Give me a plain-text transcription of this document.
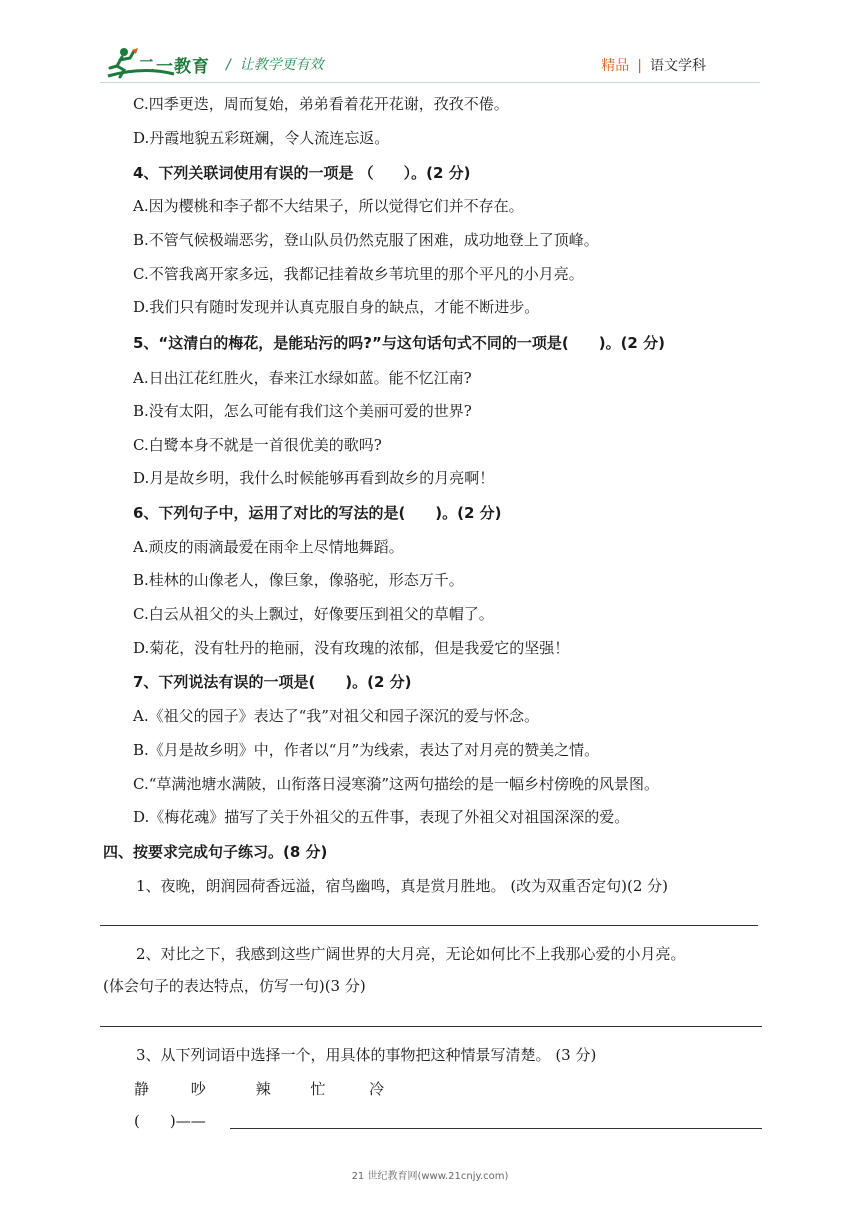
二一教育 / 让教学更有效	精品 | 语文学科
C.四季更迭，周而复始，弟弟看着花开花谢，孜孜不倦。
D.丹霞地貌五彩斑斓，令人流连忘返。
4、下列关联词使用有误的一项是 （　　）。(2 分)
A.因为樱桃和李子都不大结果子，所以觉得它们并不存在。
B.不管气候极端恶劣，登山队员仍然克服了困难，成功地登上了顶峰。
C.不管我离开家多远，我都记挂着故乡苇坑里的那个平凡的小月亮。
D.我们只有随时发现并认真克服自身的缺点，才能不断进步。
5、“这清白的梅花，是能玷污的吗?”与这句话句式不同的一项是(　　)。(2 分)
A.日出江花红胜火，春来江水绿如蓝。能不忆江南?
B.没有太阳，怎么可能有我们这个美丽可爱的世界?
C.白鹭本身不就是一首很优美的歌吗?
D.月是故乡明，我什么时候能够再看到故乡的月亮啊！
6、下列句子中，运用了对比的写法的是(　　)。(2 分)
A.顽皮的雨滴最爱在雨伞上尽情地舞蹈。
B.桂林的山像老人，像巨象，像骆驼，形态万千。
C.白云从祖父的头上飘过，好像要压到祖父的草帽了。
D.菊花，没有牡丹的艳丽，没有玫瑰的浓郁，但是我爱它的坚强！
7、下列说法有误的一项是(　　)。(2 分)
A.《祖父的园子》表达了“我”对祖父和园子深沉的爱与怀念。
B.《月是故乡明》中，作者以“月”为线索，表达了对月亮的赞美之情。
C.“草满池塘水满陂，山衔落日浸寒漪”这两句描绘的是一幅乡村傍晚的风景图。
D.《梅花魂》描写了关于外祖父的五件事，表现了外祖父对祖国深深的爱。
四、按要求完成句子练习。(8 分)
1、夜晚，朗润园荷香远溢，宿鸟幽鸣，真是赏月胜地。 (改为双重否定句)(2 分)
2、对比之下，我感到这些广阔世界的大月亮，无论如何比不上我那心爱的小月亮。
(体会句子的表达特点，仿写一句)(3 分)
3、从下列词语中选择一个，用具体的事物把这种情景写清楚。 (3 分)
静	吵	辣	忙	冷
(　　)——
21 世纪教育网(www.21cnjy.com)
